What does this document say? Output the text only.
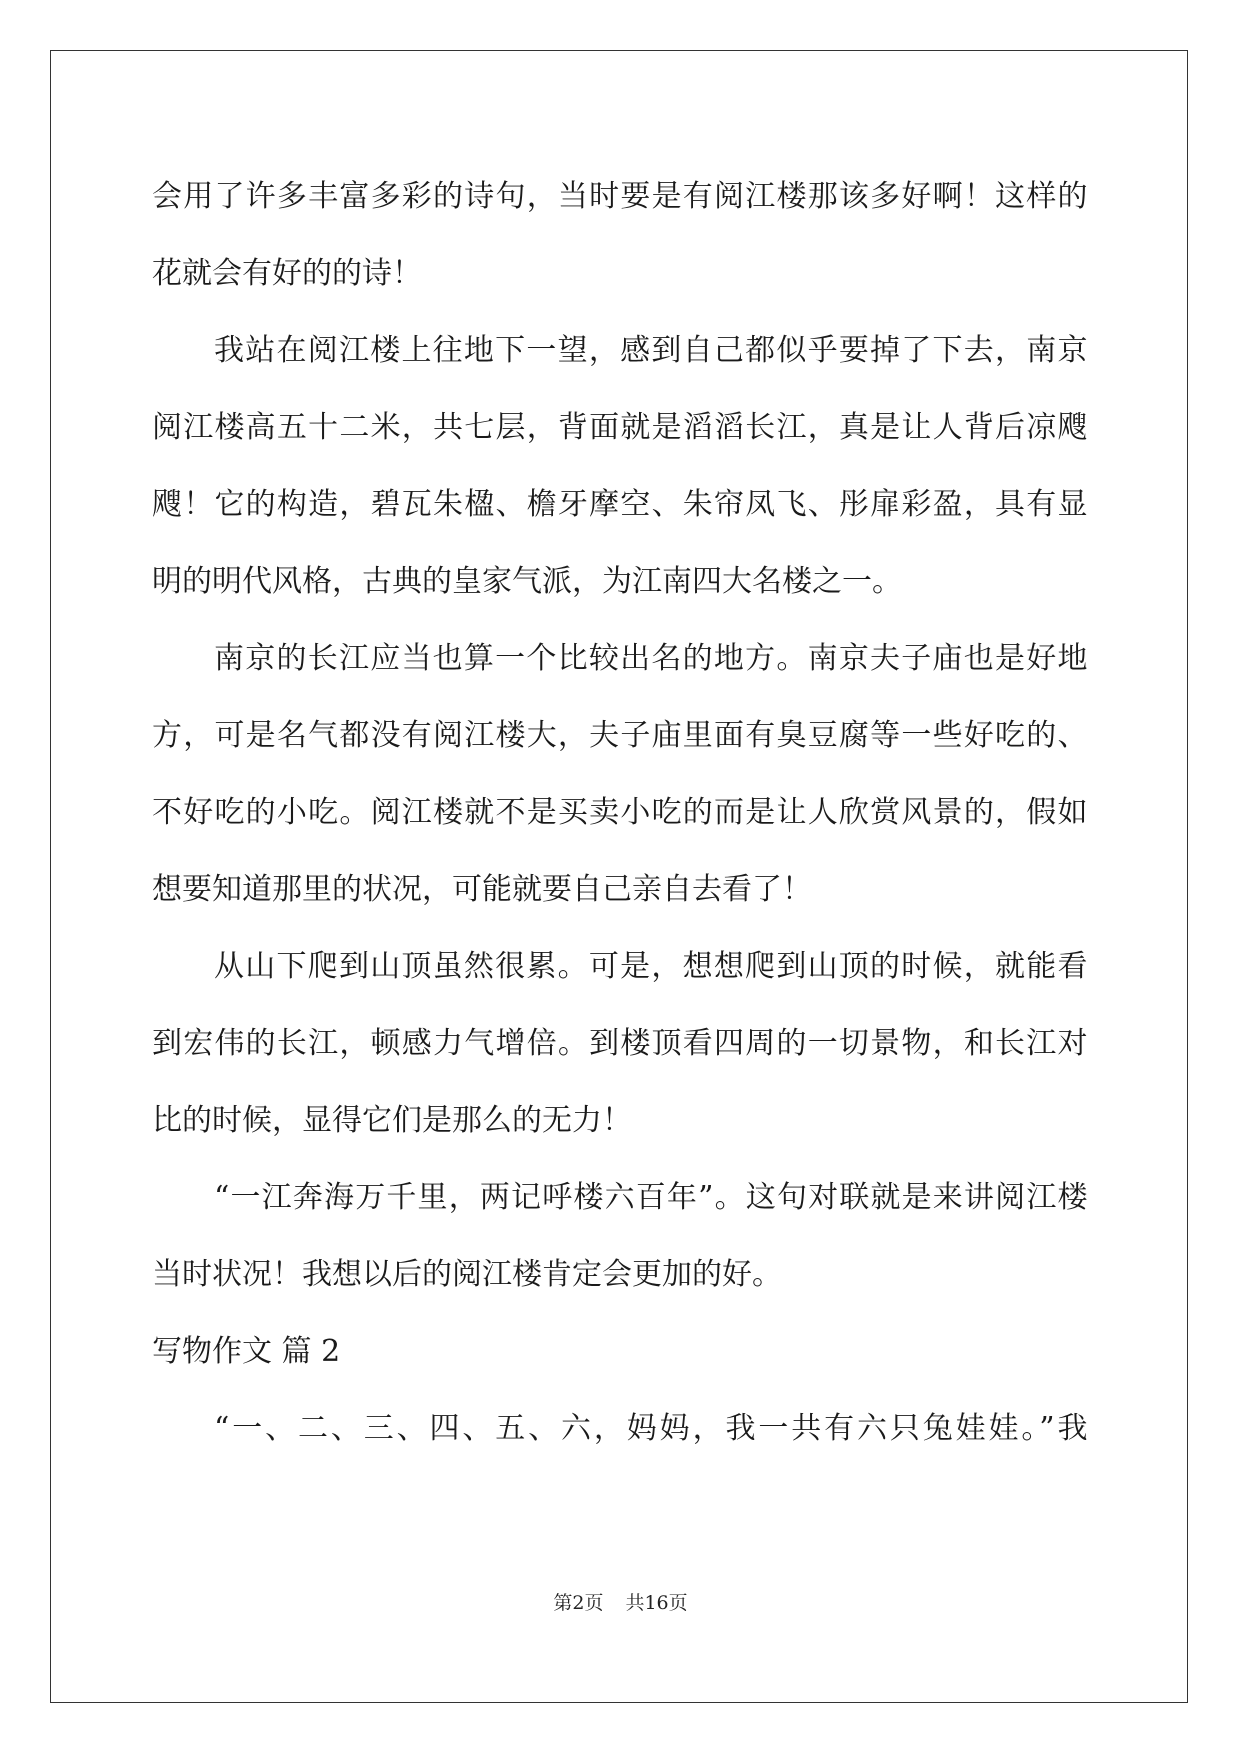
会用了许多丰富多彩的诗句，当时要是有阅江楼那该多好啊！这样的
花就会有好的的诗！
我站在阅江楼上往地下一望，感到自己都似乎要掉了下去，南京
阅江楼高五十二米，共七层，背面就是滔滔长江，真是让人背后凉飕
飕！它的构造，碧瓦朱楹、檐牙摩空、朱帘凤飞、彤扉彩盈，具有显
明的明代风格，古典的皇家气派，为江南四大名楼之一。
南京的长江应当也算一个比较出名的地方。南京夫子庙也是好地
方，可是名气都没有阅江楼大，夫子庙里面有臭豆腐等一些好吃的、
不好吃的小吃。阅江楼就不是买卖小吃的而是让人欣赏风景的，假如
想要知道那里的状况，可能就要自己亲自去看了！
从山下爬到山顶虽然很累。可是，想想爬到山顶的时候，就能看
到宏伟的长江，顿感力气增倍。到楼顶看四周的一切景物，和长江对
比的时候，显得它们是那么的无力！
“一江奔海万千里，两记呼楼六百年”。这句对联就是来讲阅江楼
当时状况！我想以后的阅江楼肯定会更加的好。
写物作文 篇 2
“一、二、三、四、五、六，妈妈，我一共有六只兔娃娃。”我
第2页 共16页
